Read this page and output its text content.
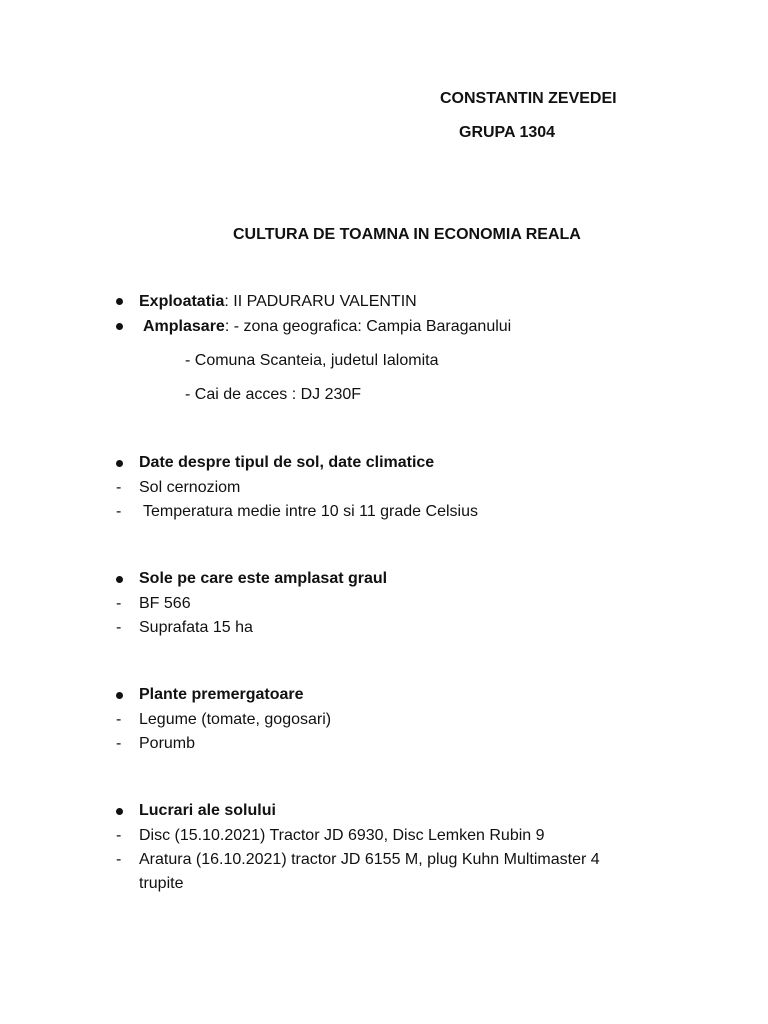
CONSTANTIN ZEVEDEI
GRUPA 1304
CULTURA DE TOAMNA IN ECONOMIA REALA
Exploatatia: II PADURARU VALENTIN
Amplasare: - zona geografica: Campia Baraganului
- Comuna Scanteia, judetul Ialomita
- Cai de acces : DJ 230F
Date despre tipul de sol, date climatice
- Sol cernoziom
- Temperatura medie intre 10 si 11 grade Celsius
Sole pe care este amplasat graul
- BF 566
- Suprafata 15 ha
Plante premergatoare
- Legume (tomate, gogosari)
- Porumb
Lucrari ale solului
- Disc (15.10.2021) Tractor JD 6930, Disc Lemken Rubin 9
- Aratura (16.10.2021) tractor JD 6155 M, plug Kuhn Multimaster 4
trupite
